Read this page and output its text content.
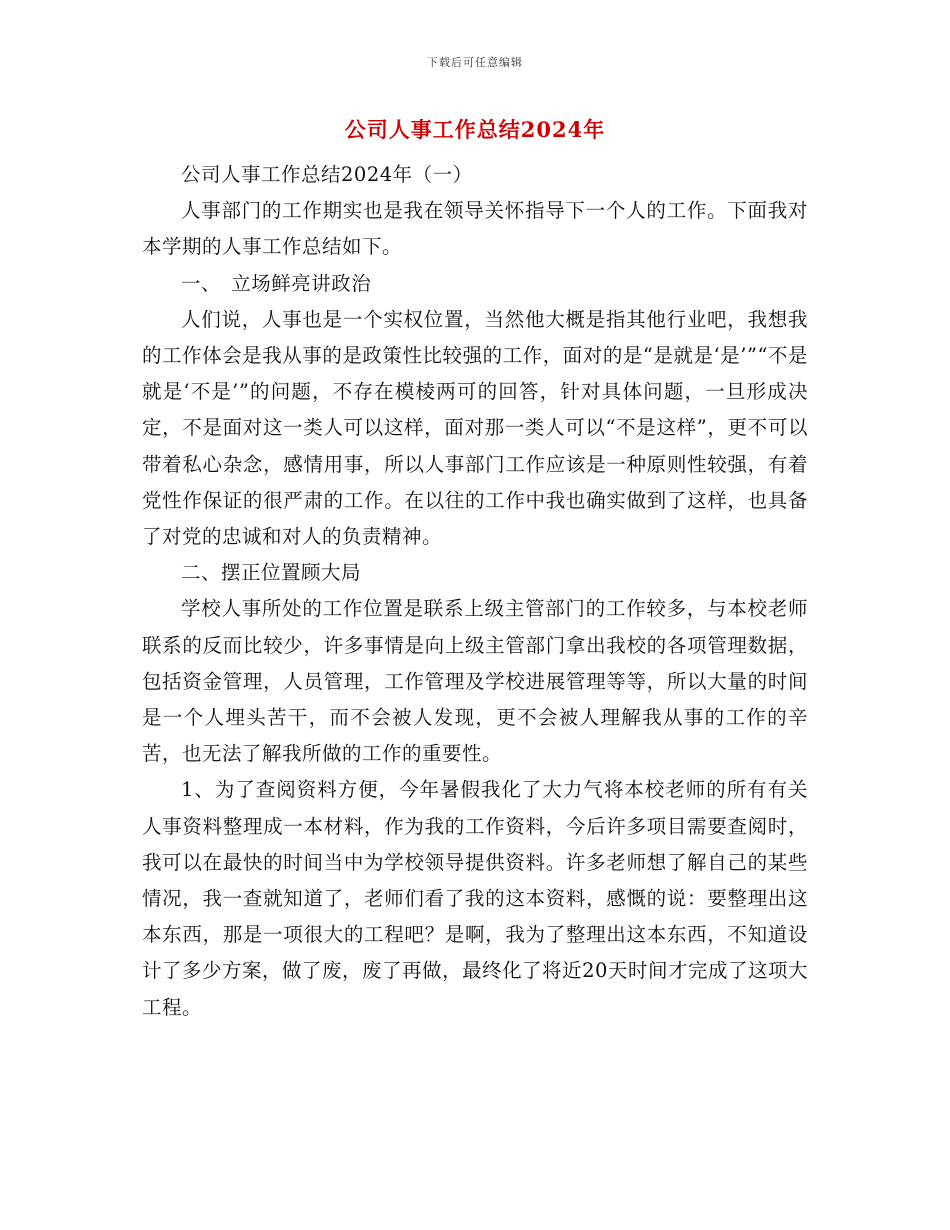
下载后可任意编辑
公司人事工作总结2024年

公司人事工作总结2024年（一）

人事部门的工作期实也是我在领导关怀指导下一个人的工作。下面我对本学期的人事工作总结如下。

一、　立场鲜亮讲政治

人们说，人事也是一个实权位置，当然他大概是指其他行业吧，我想我的工作体会是我从事的是政策性比较强的工作，面对的是“是就是‘是’”“不是就是‘不是’”的问题，不存在模棱两可的回答，针对具体问题，一旦形成决定，不是面对这一类人可以这样，面对那一类人可以“不是这样”，更不可以带着私心杂念，感情用事，所以人事部门工作应该是一种原则性较强，有着党性作保证的很严肃的工作。在以往的工作中我也确实做到了这样，也具备了对党的忠诚和对人的负责精神。

二、摆正位置顾大局

学校人事所处的工作位置是联系上级主管部门的工作较多，与本校老师联系的反而比较少，许多事情是向上级主管部门拿出我校的各项管理数据，包括资金管理，人员管理，工作管理及学校进展管理等等，所以大量的时间是一个人埋头苦干，而不会被人发现，更不会被人理解我从事的工作的辛苦，也无法了解我所做的工作的重要性。

1、为了查阅资料方便，今年暑假我化了大力气将本校老师的所有有关人事资料整理成一本材料，作为我的工作资料，今后许多项目需要查阅时，我可以在最快的时间当中为学校领导提供资料。许多老师想了解自己的某些情况，我一查就知道了，老师们看了我的这本资料，感慨的说：要整理出这本东西，那是一项很大的工程吧？是啊，我为了整理出这本东西，不知道设计了多少方案，做了废，废了再做，最终化了将近20天时间才完成了这项大工程。
